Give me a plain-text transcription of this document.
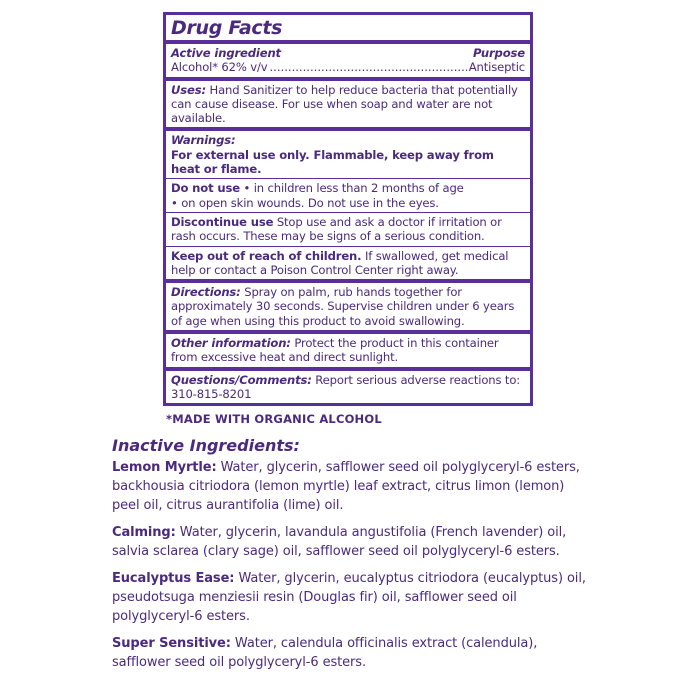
Drug Facts
Active ingredient	Purpose
Alcohol* 62% v/v
.....	Antiseptic
Uses: Hand Sanitizer to help reduce bacteria that potentially can cause disease. For use when soap and water are not available.
Warnings:
For external use only. Flammable, keep away from heat or flame.
Do not use • in children less than 2 months of age
• on open skin wounds. Do not use in the eyes.
Discontinue use Stop use and ask a doctor if irritation or rash occurs. These may be signs of a serious condition.
Keep out of reach of children. If swallowed, get medical help or contact a Poison Control Center right away.
Directions: Spray on palm, rub hands together for approximately 30 seconds. Supervise children under 6 years of age when using this product to avoid swallowing.
Other information: Protect the product in this container from excessive heat and direct sunlight.
Questions/Comments: Report serious adverse reactions to: 310-815-8201
*MADE WITH ORGANIC ALCOHOL
Inactive Ingredients:
Lemon Myrtle: Water, glycerin, safflower seed oil polyglyceryl-6 esters, backhousia citriodora (lemon myrtle) leaf extract, citrus limon (lemon) peel oil, citrus aurantifolia (lime) oil.
Calming: Water, glycerin, lavandula angustifolia (French lavender) oil, salvia sclarea (clary sage) oil, safflower seed oil polyglyceryl-6 esters.
Eucalyptus Ease: Water, glycerin, eucalyptus citriodora (eucalyptus) oil, pseudotsuga menziesii resin (Douglas fir) oil, safflower seed oil polyglyceryl-6 esters.
Super Sensitive: Water, calendula officinalis extract (calendula), safflower seed oil polyglyceryl-6 esters.
